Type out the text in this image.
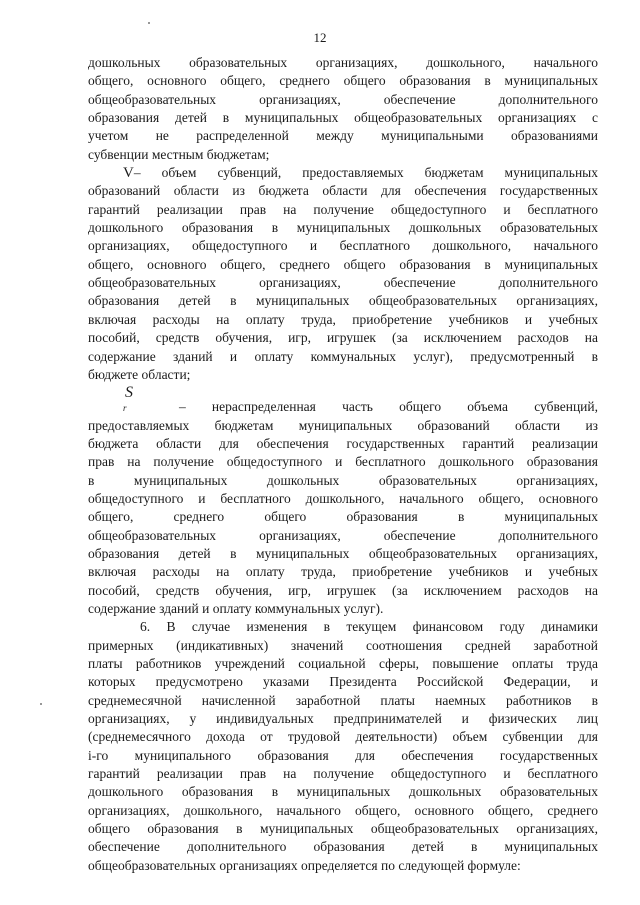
12
дошкольных образовательных организациях, дошкольного, начального
общего, основного общего, среднего общего образования в муниципальных
общеобразовательных организациях, обеспечение дополнительного
образования детей в муниципальных общеобразовательных организациях с
учетом не распределенной между муниципальными образованиями
субвенции местным бюджетам;
V– объем субвенций, предоставляемых бюджетам муниципальных
образований области из бюджета области для обеспечения государственных
гарантий реализации прав на получение общедоступного и бесплатного
дошкольного образования в муниципальных дошкольных образовательных
организациях, общедоступного и бесплатного дошкольного, начального
общего, основного общего, среднего общего образования в муниципальных
общеобразовательных организациях, обеспечение дополнительного
образования детей в муниципальных общеобразовательных организациях,
включая расходы на оплату труда, приобретение учебников и учебных
пособий, средств обучения, игр, игрушек (за исключением расходов на
содержание зданий и оплату коммунальных услуг), предусмотренный в
бюджете области;
S
r	– нераспределенная часть общего объема субвенций,
предоставляемых бюджетам муниципальных образований области из
бюджета области для обеспечения государственных гарантий реализации
прав на получение общедоступного и бесплатного дошкольного образования
в муниципальных дошкольных образовательных организациях,
общедоступного и бесплатного дошкольного, начального общего, основного
общего, среднего общего образования в муниципальных
общеобразовательных организациях, обеспечение дополнительного
образования детей в муниципальных общеобразовательных организациях,
включая расходы на оплату труда, приобретение учебников и учебных
пособий, средств обучения, игр, игрушек (за исключением расходов на
содержание зданий и оплату коммунальных услуг).
6. В случае изменения в текущем финансовом году динамики
примерных (индикативных) значений соотношения средней заработной
платы работников учреждений социальной сферы, повышение оплаты труда
которых предусмотрено указами Президента Российской Федерации, и
среднемесячной начисленной заработной платы наемных работников в
организациях, у индивидуальных предпринимателей и физических лиц
(среднемесячного дохода от трудовой деятельности) объем субвенции для
i-го муниципального образования для обеспечения государственных
гарантий реализации прав на получение общедоступного и бесплатного
дошкольного образования в муниципальных дошкольных образовательных
организациях, дошкольного, начального общего, основного общего, среднего
общего образования в муниципальных общеобразовательных организациях,
обеспечение дополнительного образования детей в муниципальных
общеобразовательных организациях определяется по следующей формуле:
